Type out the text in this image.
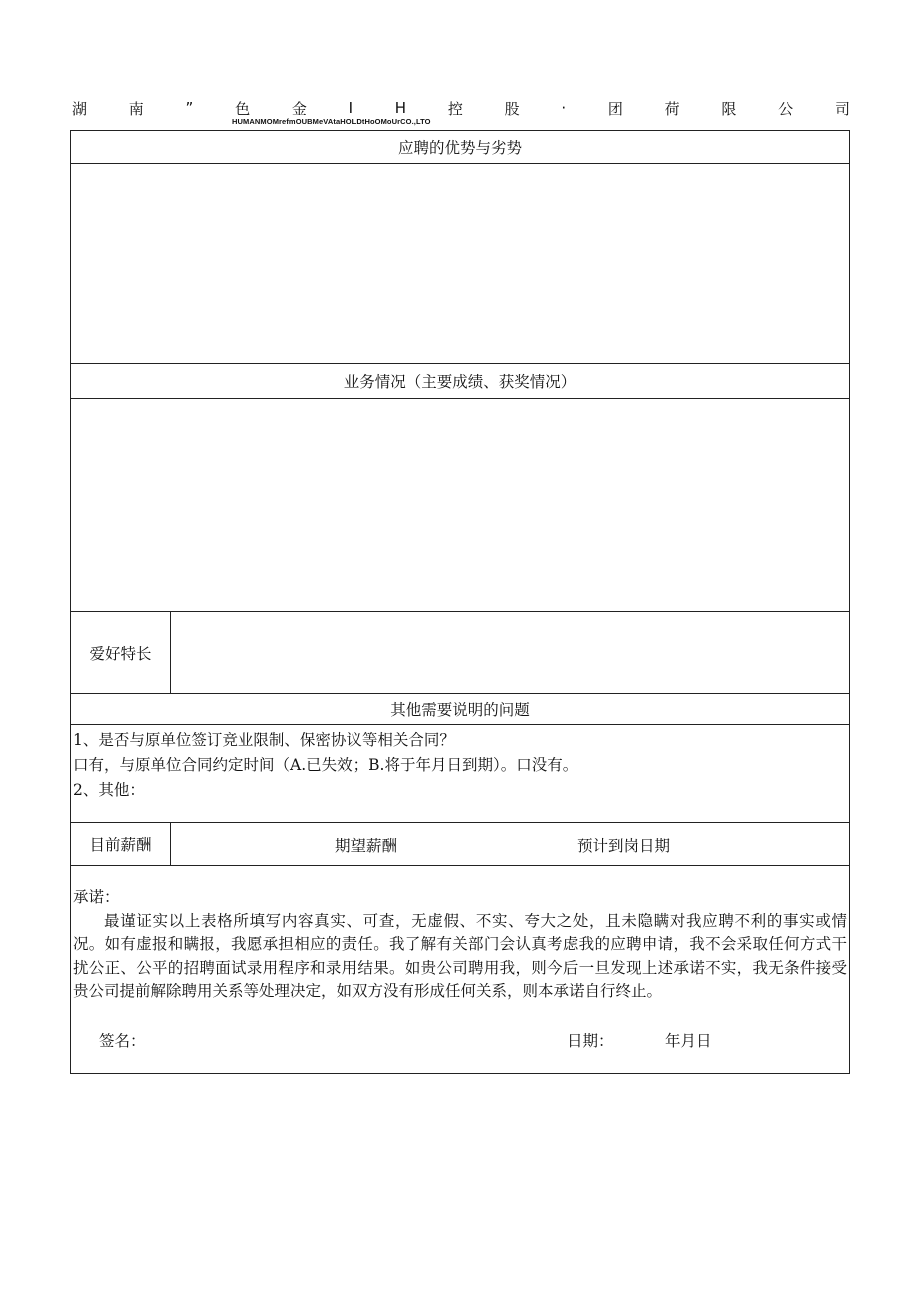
湖	南	”	色	金	I	H	控	股	·	团	荷	限	公	司
HUMANMOMrefmOUBMeVAtaHOLDtHoOMoUrCO.,LTO
应聘的优势与劣势
业务情况（主要成绩、获奖情况）
爱好特长
其他需要说明的问题
1、是否与原单位签订竞业限制、保密协议等相关合同？
口有，与原单位合同约定时间（A.已失效；B.将于年月日到期）。口没有。
2、其他：
目前薪酬	期望薪酬	预计到岗日期
承诺：
最谨证实以上表格所填写内容真实、可查，无虚假、不实、夸大之处，且未隐瞒对我应聘不利的事实或情况。如有虚报和瞒报，我愿承担相应的责任。我了解有关部门会认真考虑我的应聘申请，我不会采取任何方式干扰公正、公平的招聘面试录用程序和录用结果。如贵公司聘用我，则今后一旦发现上述承诺不实，我无条件接受贵公司提前解除聘用关系等处理决定，如双方没有形成任何关系，则本承诺自行终止。
签名：	日期：	年月日
